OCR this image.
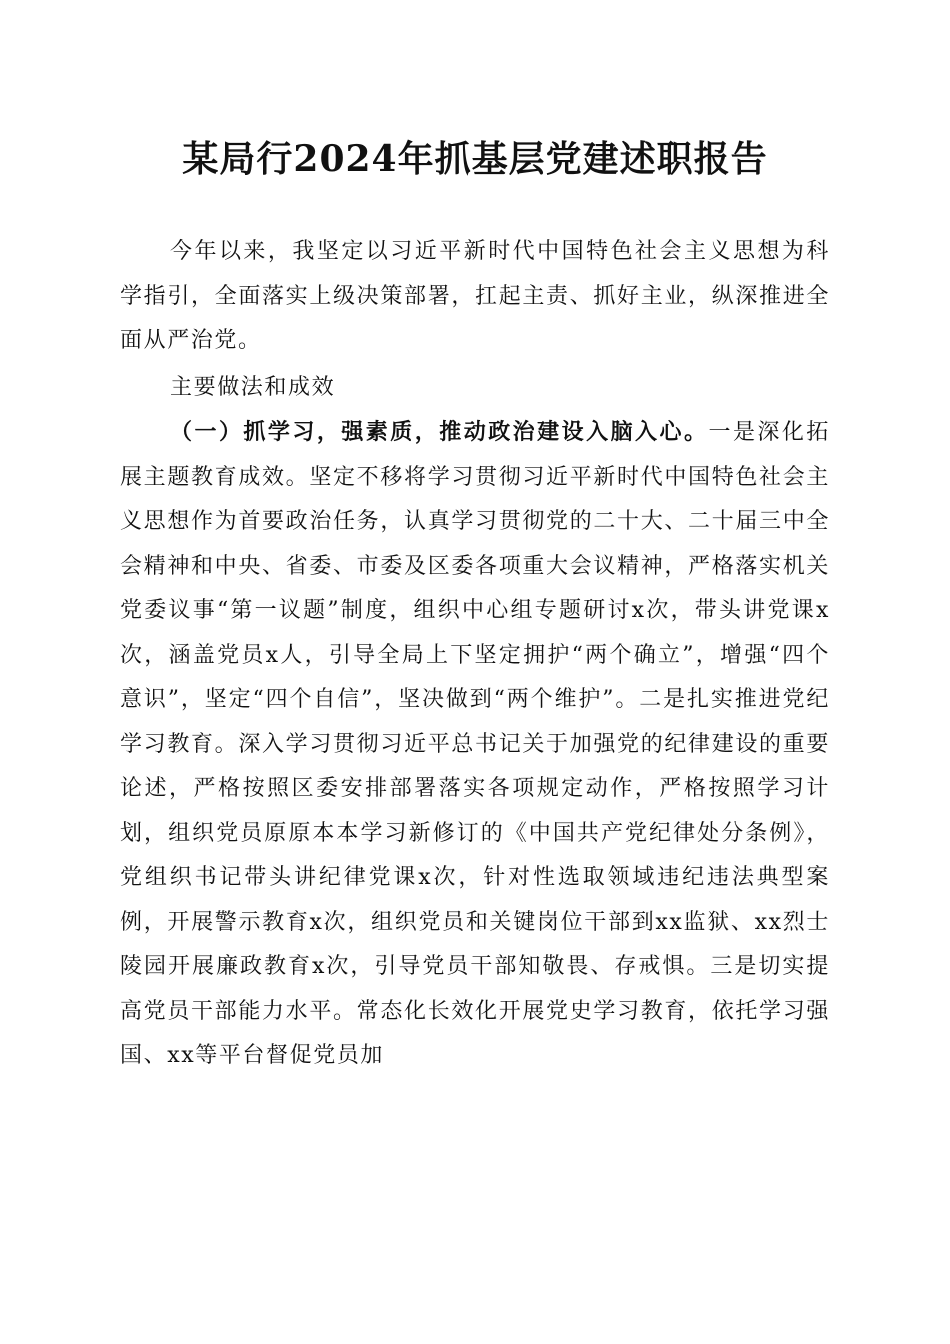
某局行2024年抓基层党建述职报告

今年以来，我坚定以习近平新时代中国特色社会主义思想为科学指引，全面落实上级决策部署，扛起主责、抓好主业，纵深推进全面从严治党。

主要做法和成效

（一）抓学习，强素质，推动政治建设入脑入心。一是深化拓展主题教育成效。坚定不移将学习贯彻习近平新时代中国特色社会主义思想作为首要政治任务，认真学习贯彻党的二十大、二十届三中全会精神和中央、省委、市委及区委各项重大会议精神，严格落实机关党委议事“第一议题”制度，组织中心组专题研讨x次，带头讲党课x次，涵盖党员x人，引导全局上下坚定拥护“两个确立”，增强“四个意识”，坚定“四个自信”，坚决做到“两个维护”。二是扎实推进党纪学习教育。深入学习贯彻习近平总书记关于加强党的纪律建设的重要论述，严格按照区委安排部署落实各项规定动作，严格按照学习计划，组织党员原原本本学习新修订的《中国共产党纪律处分条例》，党组织书记带头讲纪律党课x次，针对性选取领域违纪违法典型案例，开展警示教育x次，组织党员和关键岗位干部到xx监狱、xx烈士陵园开展廉政教育x次，引导党员干部知敬畏、存戒惧。三是切实提高党员干部能力水平。常态化长效化开展党史学习教育，依托学习强国、xx等平台督促党员加
